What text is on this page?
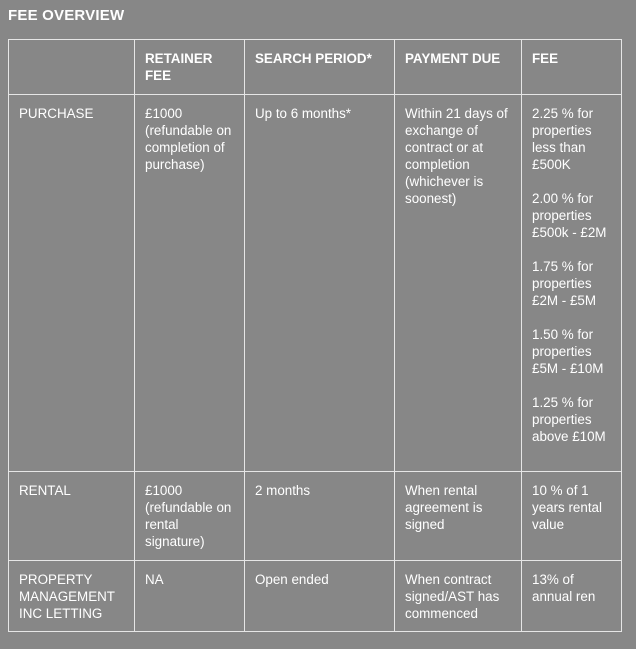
FEE OVERVIEW
	RETAINER FEE	SEARCH PERIOD*	PAYMENT DUE	FEE
PURCHASE	£1000 (refundable on completion of purchase)	Up to 6 months*	Within 21 days of exchange of contract or at completion (whichever is soonest)	2.25 % for properties less than £500K
2.00 % for properties £500k - £2M
1.75 % for properties £2M - £5M
1.50 % for properties £5M - £10M
1.25 % for properties above £10M

RENTAL	£1000 (refundable on rental signature)	2 months	When rental agreement is signed	10 % of 1 years rental value

PROPERTY MANAGEMENT INC LETTING	NA	Open ended	When contract signed/AST has commenced	13% of annual ren
